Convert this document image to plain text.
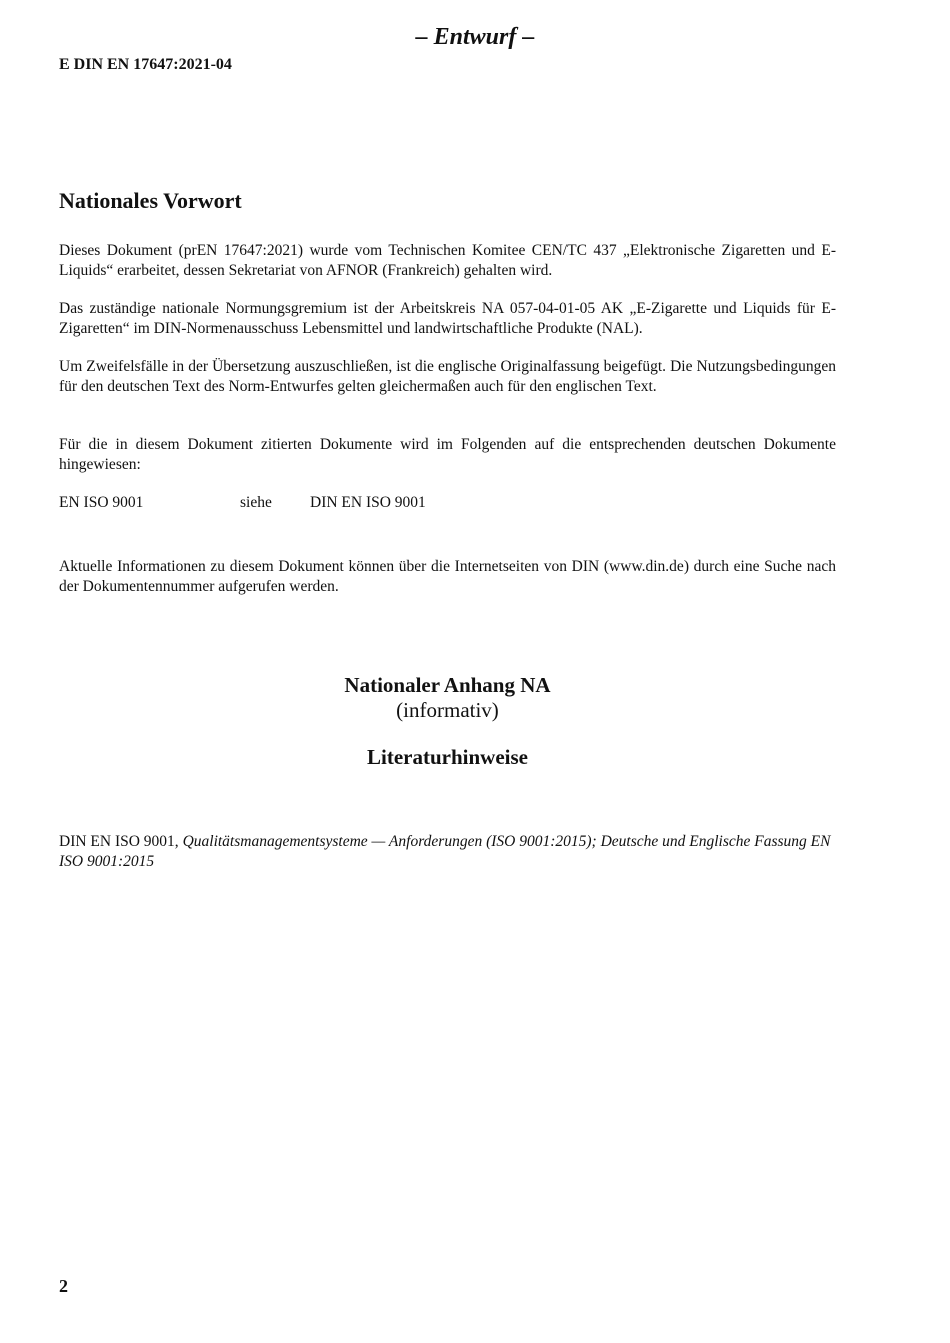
– Entwurf –
E DIN EN 17647:2021-04
Nationales Vorwort

Dieses Dokument (prEN 17647:2021) wurde vom Technischen Komitee CEN/TC 437 „Elektronische Zigaretten und E-Liquids“ erarbeitet, dessen Sekretariat von AFNOR (Frankreich) gehalten wird.

Das zuständige nationale Normungsgremium ist der Arbeitskreis NA 057-04-01-05 AK „E-Zigarette und Liquids für E-Zigaretten“ im DIN-Normenausschuss Lebensmittel und landwirtschaftliche Produkte (NAL).

Um Zweifelsfälle in der Übersetzung auszuschließen, ist die englische Originalfassung beigefügt. Die Nutzungsbedingungen für den deutschen Text des Norm-Entwurfes gelten gleichermaßen auch für den englischen Text.

Für die in diesem Dokument zitierten Dokumente wird im Folgenden auf die entsprechenden deutschen Dokumente hingewiesen:

EN ISO 9001	siehe DIN EN ISO 9001

Aktuelle Informationen zu diesem Dokument können über die Internetseiten von DIN (www.din.de) durch eine Suche nach der Dokumentennummer aufgerufen werden.

Nationaler Anhang NA
(informativ)
Literaturhinweise
DIN EN ISO 9001, Qualitätsmanagementsysteme — Anforderungen (ISO 9001:2015); Deutsche und Englische Fassung EN ISO 9001:2015
2
